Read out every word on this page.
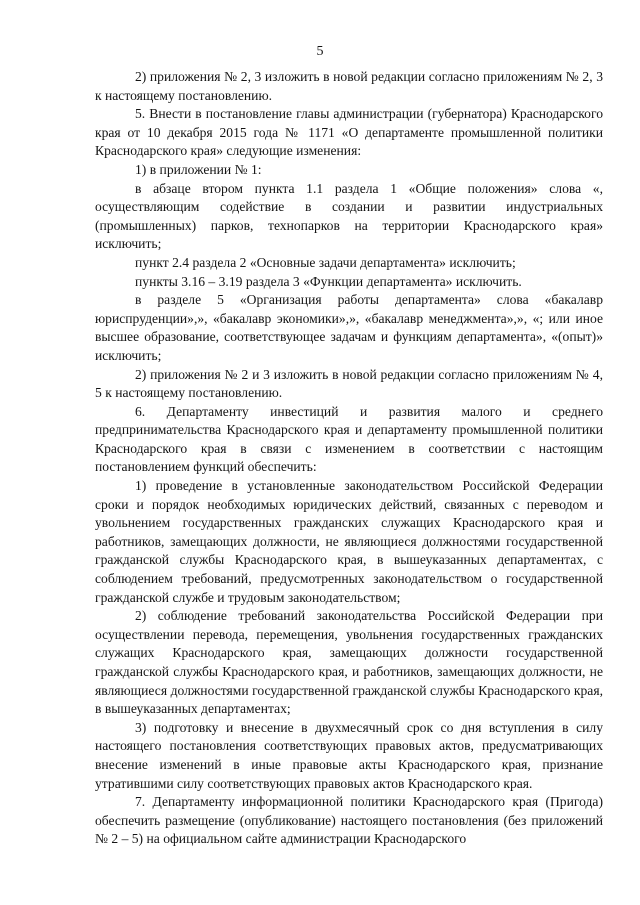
5

2) приложения № 2, 3 изложить в новой редакции согласно приложениям № 2, 3 к настоящему постановлению.

5. Внести в постановление главы администрации (губернатора) Краснодарского края от 10 декабря 2015 года № 1171 «О департаменте промышленной политики Краснодарского края» следующие изменения:

1) в приложении № 1:

в абзаце втором пункта 1.1 раздела 1 «Общие положения» слова «, осуществляющим содействие в создании и развитии индустриальных (промышленных) парков, технопарков на территории Краснодарского края» исключить;

пункт 2.4 раздела 2 «Основные задачи департамента» исключить;

пункты 3.16 – 3.19 раздела 3 «Функции департамента» исключить.

в разделе 5 «Организация работы департамента» слова «бакалавр юриспруденции»,», «бакалавр экономики»,», «бакалавр менеджмента»,», «; или иное высшее образование, соответствующее задачам и функциям департамента», «(опыт)» исключить;

2) приложения № 2 и 3 изложить в новой редакции согласно приложениям № 4, 5 к настоящему постановлению.

6. Департаменту инвестиций и развития малого и среднего предпринимательства Краснодарского края и департаменту промышленной политики Краснодарского края в связи с изменением в соответствии с настоящим постановлением функций обеспечить:

1) проведение в установленные законодательством Российской Федерации сроки и порядок необходимых юридических действий, связанных с переводом и увольнением государственных гражданских служащих Краснодарского края и работников, замещающих должности, не являющиеся должностями государственной гражданской службы Краснодарского края, в вышеуказанных департаментах, с соблюдением требований, предусмотренных законодательством о государственной гражданской службе и трудовым законодательством;

2) соблюдение требований законодательства Российской Федерации при осуществлении перевода, перемещения, увольнения государственных гражданских служащих Краснодарского края, замещающих должности государственной гражданской службы Краснодарского края, и работников, замещающих должности, не являющиеся должностями государственной гражданской службы Краснодарского края, в вышеуказанных департаментах;

3) подготовку и внесение в двухмесячный срок со дня вступления в силу настоящего постановления соответствующих правовых актов, предусматривающих внесение изменений в иные правовые акты Краснодарского края, признание утратившими силу соответствующих правовых актов Краснодарского края.

7. Департаменту информационной политики Краснодарского края (Пригода) обеспечить размещение (опубликование) настоящего постановления (без приложений № 2 – 5) на официальном сайте администрации Краснодарского
